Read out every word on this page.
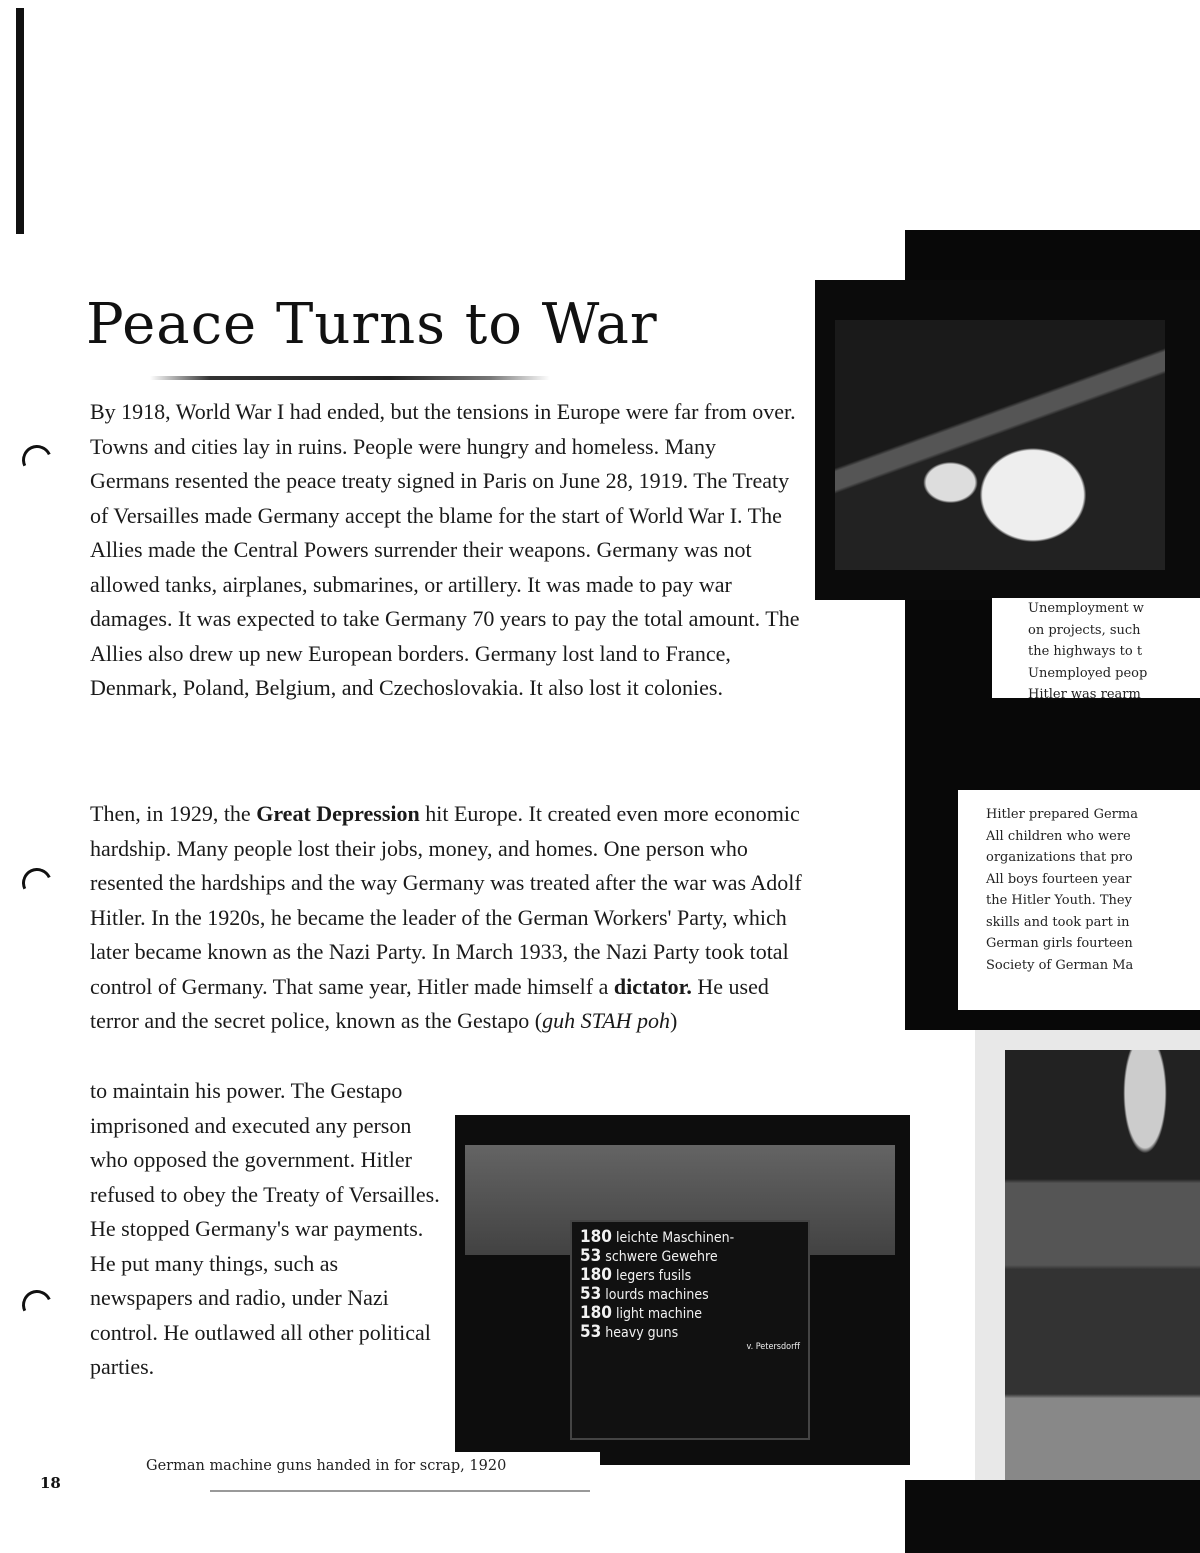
Peace Turns to War

By 1918, World War I had ended, but the tensions in Europe were far from over. Towns and cities lay in ruins. People were hungry and homeless. Many Germans resented the peace treaty signed in Paris on June 28, 1919. The Treaty of Versailles made Germany accept the blame for the start of World War I. The Allies made the Central Powers surrender their weapons. Germany was not allowed tanks, airplanes, submarines, or artillery. It was made to pay war damages. It was expected to take Germany 70 years to pay the total amount. The Allies also drew up new European borders. Germany lost land to France, Denmark, Poland, Belgium, and Czechoslovakia. It also lost it colonies.

Then, in 1929, the Great Depression hit Europe. It created even more economic hardship. Many people lost their jobs, money, and homes. One person who resented the hardships and the way Germany was treated after the war was Adolf Hitler. In the 1920s, he became the leader of the German Workers' Party, which later became known as the Nazi Party. In March 1933, the Nazi Party took total control of Germany. That same year, Hitler made himself a dictator. He used terror and the secret police, known as the Gestapo (guh STAH poh)

to maintain his power. The Gestapo imprisoned and executed any person who opposed the government. Hitler refused to obey the Treaty of Versailles. He stopped Germany's war payments. He put many things, such as newspapers and radio, under Nazi control. He outlawed all other political parties.

Unemployment w
on projects, such
the highways to t
Unemployed peop
Hitler was rearm
Hitler prepared Germa
All children who were
organizations that pro
All boys fourteen year
the Hitler Youth. They
skills and took part in
German girls fourteen
Society of German Ma
180 leichte Maschinen-
53 schwere Gewehre
180 legers fusils
53 lourds machines
180 light machine
53 heavy guns
v. Petersdorff
German machine guns handed in for scrap, 1920
18
